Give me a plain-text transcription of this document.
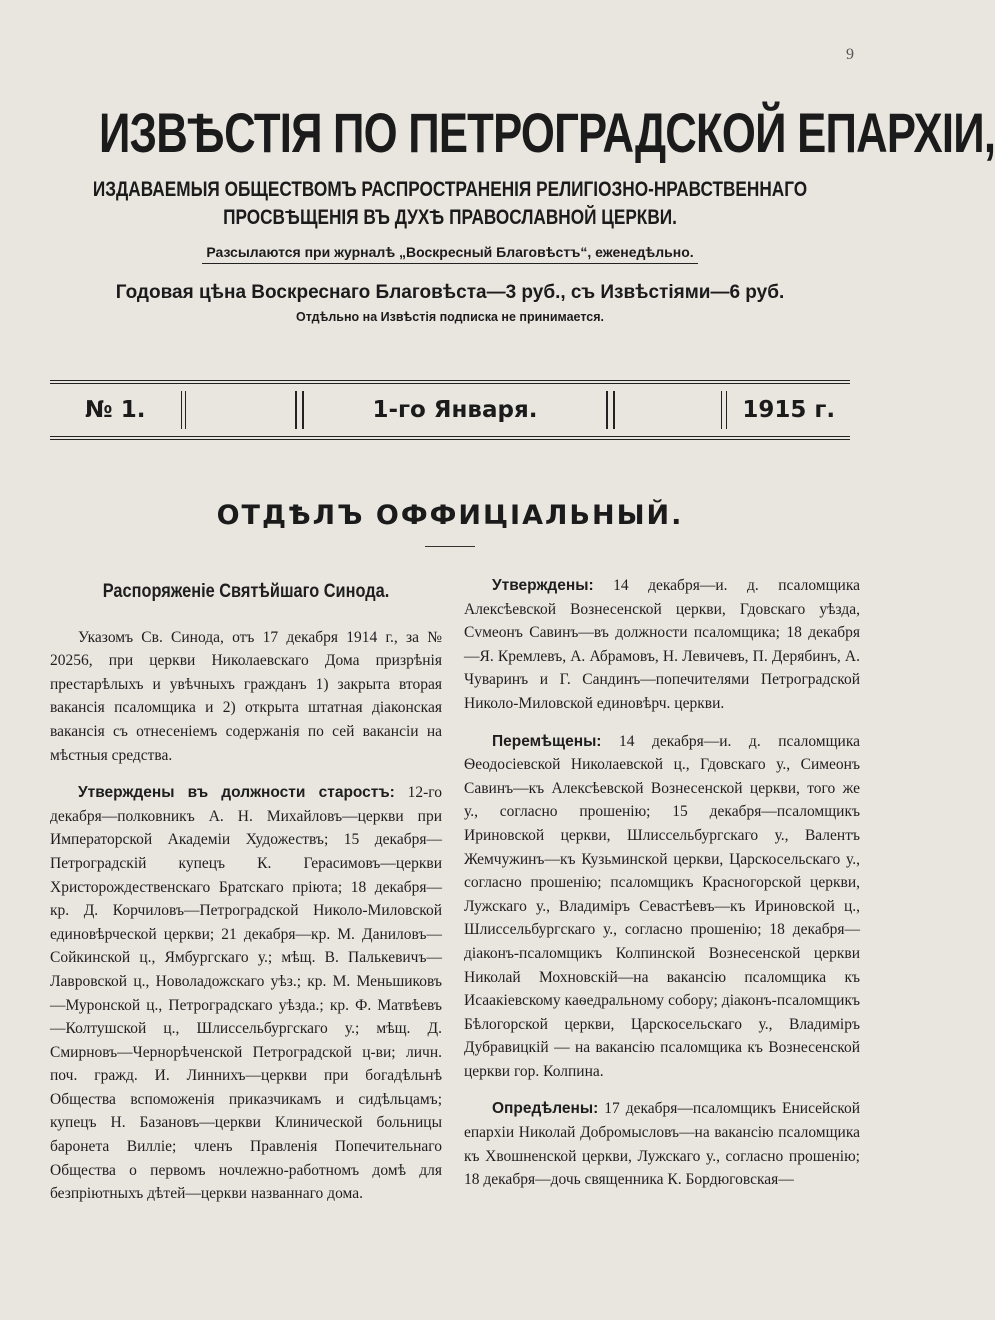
9
ИЗВѢСТІЯ ПО ПЕТРОГРАДСКОЙ ЕПАРХІИ,
ИЗДАВАЕМЫЯ ОБЩЕСТВОМЪ РАСПРОСТРАНЕНІЯ РЕЛИГІОЗНО-НРАВСТВЕННАГО
ПРОСВѢЩЕНІЯ ВЪ ДУХѢ ПРАВОСЛАВНОЙ ЦЕРКВИ.
Разсылаются при журналѣ „Воскресный Благовѣстъ“, еженедѣльно.
Годовая цѣна Воскреснаго Благовѣста—3 руб., съ Извѣстіями—6 руб.
Отдѣльно на Извѣстія подписка не принимается.
№ 1.	1-го Января.	1915 г.
ОТДѢЛЪ ОФФИЦІАЛЬНЫЙ.
Распоряженіе Святѣйшаго Синода.

Указомъ Св. Синода, отъ 17 декабря 1914 г., за № 20256, при церкви Николаевскаго Дома призрѣнія престарѣлыхъ и увѣчныхъ гражданъ 1) закрыта вторая вакансія псаломщика и 2) открыта штатная діаконская вакансія съ отнесеніемъ содержанія по сей вакансіи на мѣстныя средства.

Утверждены въ должности старостъ: 12-го декабря—полковникъ А. Н. Михайловъ—церкви при Императорской Академіи Художествъ; 15 декабря—Петроградскій купецъ К. Герасимовъ—церкви Христорождественскаго Братскаго пріюта; 18 декабря—кр. Д. Корчиловъ—Петроградской Николо-Миловской единовѣрческой церкви; 21 декабря—кр. М. Даниловъ—Сойкинской ц., Ямбургскаго у.; мѣщ. В. Палькевичъ—Лавровской ц., Новоладожскаго уѣз.; кр. М. Меньшиковъ—Муронской ц., Петроградскаго уѣзда.; кр. Ф. Матвѣевъ—Колтушской ц., Шлиссельбургскаго у.; мѣщ. Д. Смирновъ—Чернорѣченской Петроградской ц-ви; личн. поч. гражд. И. Линнихъ—церкви при богадѣльнѣ Общества вспоможенія приказчикамъ и сидѣльцамъ; купецъ Н. Базановъ—церкви Клинической больницы баронета Вилліе; членъ Правленія Попечительнаго Общества о первомъ ночлежно-работномъ домѣ для безпріютныхъ дѣтей—церкви названнаго дома.

Утверждены: 14 декабря—и. д. псаломщика Алексѣевской Вознесенской церкви, Гдовскаго уѣзда, Сvмеонъ Савинъ—въ должности псаломщика; 18 декабря—Я. Кремлевъ, А. Абрамовъ, Н. Левичевъ, П. Дерябинъ, А. Чуваринъ и Г. Сандинъ—попечителями Петроградской Николо-Миловской единовѣрч. церкви.

Перемѣщены: 14 декабря—и. д. псаломщика Ѳеодосіевской Николаевской ц., Гдовскаго у., Симеонъ Савинъ—къ Алексѣевской Вознесенской церкви, того же у., согласно прошенію; 15 декабря—псаломщикъ Ириновской церкви, Шлиссельбургскаго у., Валентъ Жемчужинъ—къ Кузьминской церкви, Царскосельскаго у., согласно прошенію; псаломщикъ Красногорской церкви, Лужскаго у., Владиміръ Севастѣевъ—къ Ириновской ц., Шлиссельбургскаго у., согласно прошенію; 18 декабря—діаконъ-псаломщикъ Колпинской Вознесенской церкви Николай Мохновскій—на вакансію псаломщика къ Исаакіевскому каѳедральному собору; діаконъ-псаломщикъ Бѣлогорской церкви, Царскосельскаго у., Владиміръ Дубравицкій — на вакансію псаломщика къ Вознесенской церкви гор. Колпина.

Опредѣлены: 17 декабря—псаломщикъ Енисейской епархіи Николай Добромысловъ—на вакансію псаломщика къ Хвошненской церкви, Лужскаго у., согласно прошенію; 18 декабря—дочь священника К. Бордюговская—
